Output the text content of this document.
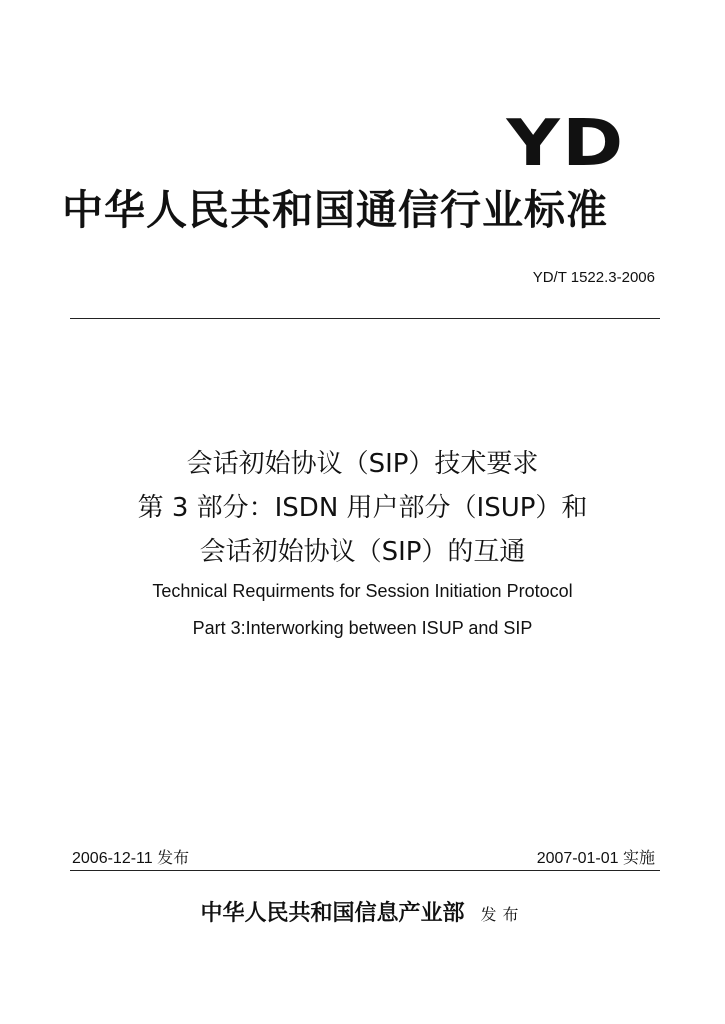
YD
中华人民共和国通信行业标准
YD/T 1522.3-2006
会话初始协议（SIP）技术要求
第 3 部分：ISDN 用户部分（ISUP）和
会话初始协议（SIP）的互通
Technical Requirments for Session Initiation Protocol
Part 3:Interworking between ISUP and SIP
2006-12-11 发布	2007-01-01 实施
中华人民共和国信息产业部 发布
